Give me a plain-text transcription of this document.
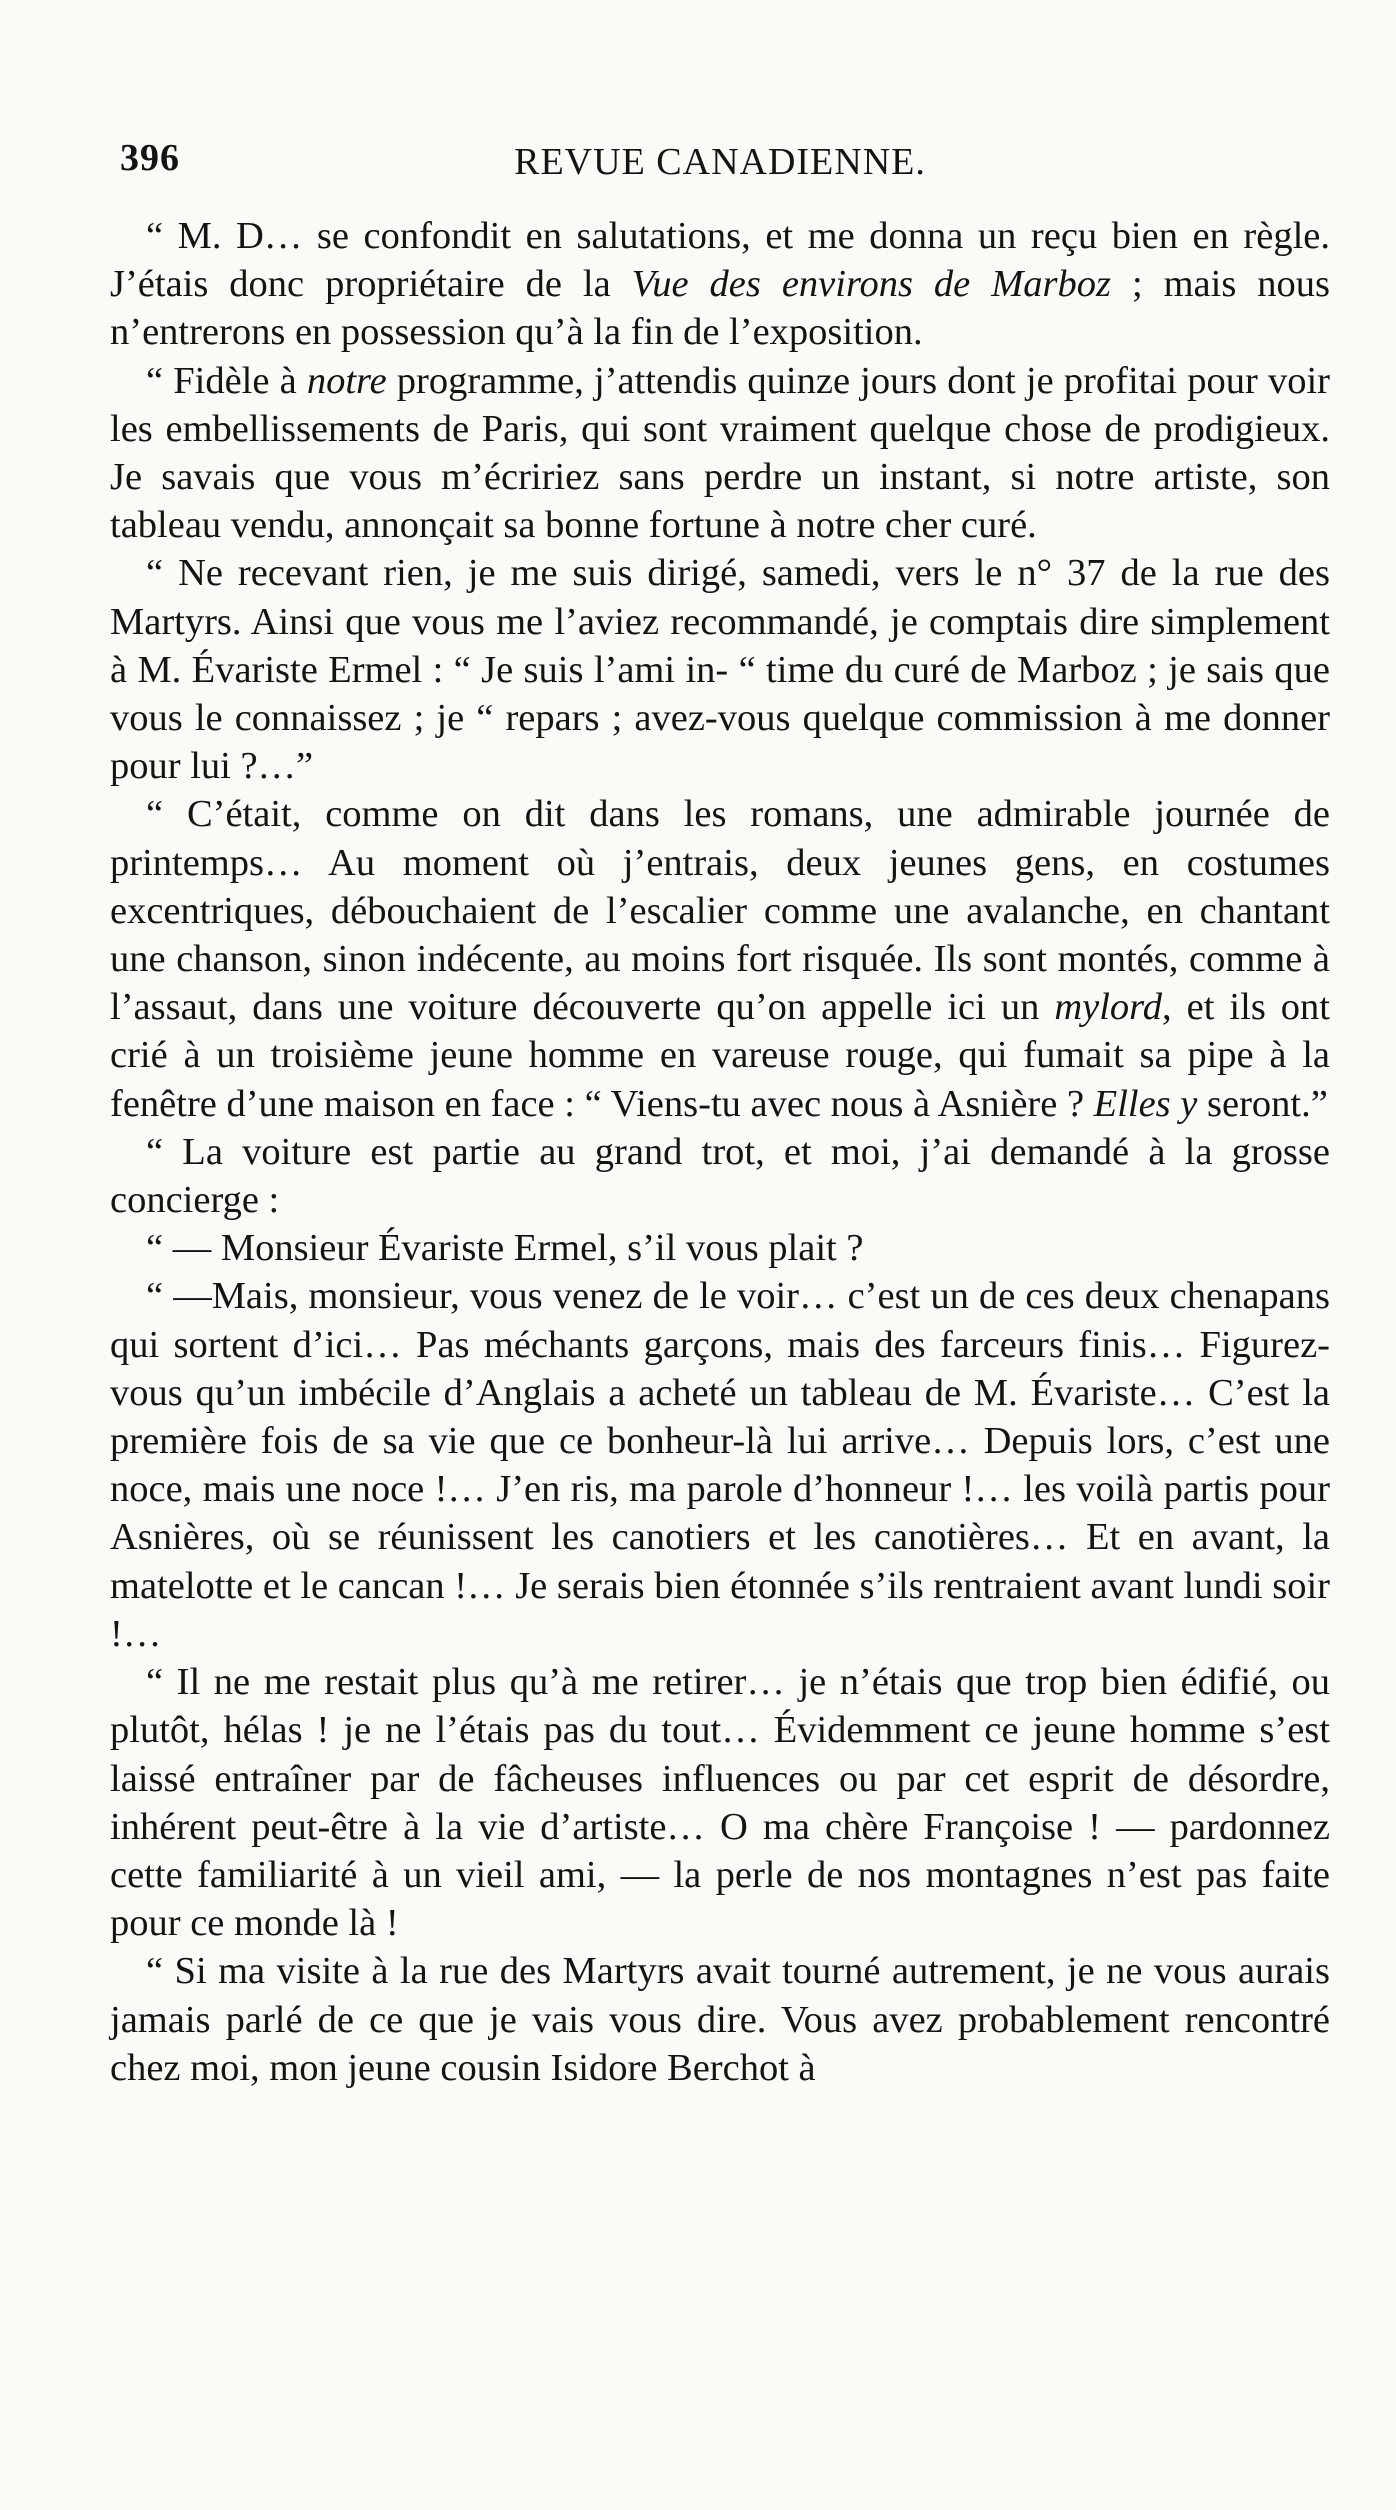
396	REVUE CANADIENNE.

“ M. D… se confondit en salutations, et me donna un reçu bien en règle. J’étais donc propriétaire de la Vue des environs de Marboz ; mais nous n’entrerons en possession qu’à la fin de l’exposition.

“ Fidèle à notre programme, j’attendis quinze jours dont je profitai pour voir les embellissements de Paris, qui sont vraiment quelque chose de prodigieux. Je savais que vous m’écririez sans perdre un instant, si notre artiste, son tableau vendu, annonçait sa bonne fortune à notre cher curé.

“ Ne recevant rien, je me suis dirigé, samedi, vers le n° 37 de la rue des Martyrs. Ainsi que vous me l’aviez recommandé, je comptais dire simplement à M. Évariste Ermel : “ Je suis l’ami in- “ time du curé de Marboz ; je sais que vous le connaissez ; je “ repars ; avez-vous quelque commission à me donner pour lui ?…”

“ C’était, comme on dit dans les romans, une admirable journée de printemps… Au moment où j’entrais, deux jeunes gens, en costumes excentriques, débouchaient de l’escalier comme une avalanche, en chantant une chanson, sinon indécente, au moins fort risquée. Ils sont montés, comme à l’assaut, dans une voiture découverte qu’on appelle ici un mylord, et ils ont crié à un troisième jeune homme en vareuse rouge, qui fumait sa pipe à la fenêtre d’une maison en face : “ Viens-tu avec nous à Asnière ? Elles y seront.”

“ La voiture est partie au grand trot, et moi, j’ai demandé à la grosse concierge :

“ — Monsieur Évariste Ermel, s’il vous plait ?

“ —Mais, monsieur, vous venez de le voir… c’est un de ces deux chenapans qui sortent d’ici… Pas méchants garçons, mais des farceurs finis… Figurez-vous qu’un imbécile d’Anglais a acheté un tableau de M. Évariste… C’est la première fois de sa vie que ce bonheur-là lui arrive… Depuis lors, c’est une noce, mais une noce !… J’en ris, ma parole d’honneur !… les voilà partis pour Asnières, où se réunissent les canotiers et les canotières… Et en avant, la matelotte et le cancan !… Je serais bien étonnée s’ils rentraient avant lundi soir !…

“ Il ne me restait plus qu’à me retirer… je n’étais que trop bien édifié, ou plutôt, hélas ! je ne l’étais pas du tout… Évidemment ce jeune homme s’est laissé entraîner par de fâcheuses influences ou par cet esprit de désordre, inhérent peut-être à la vie d’artiste… O ma chère Françoise ! — pardonnez cette familiarité à un vieil ami, — la perle de nos montagnes n’est pas faite pour ce monde là !

“ Si ma visite à la rue des Martyrs avait tourné autrement, je ne vous aurais jamais parlé de ce que je vais vous dire. Vous avez probablement rencontré chez moi, mon jeune cousin Isidore Berchot à
